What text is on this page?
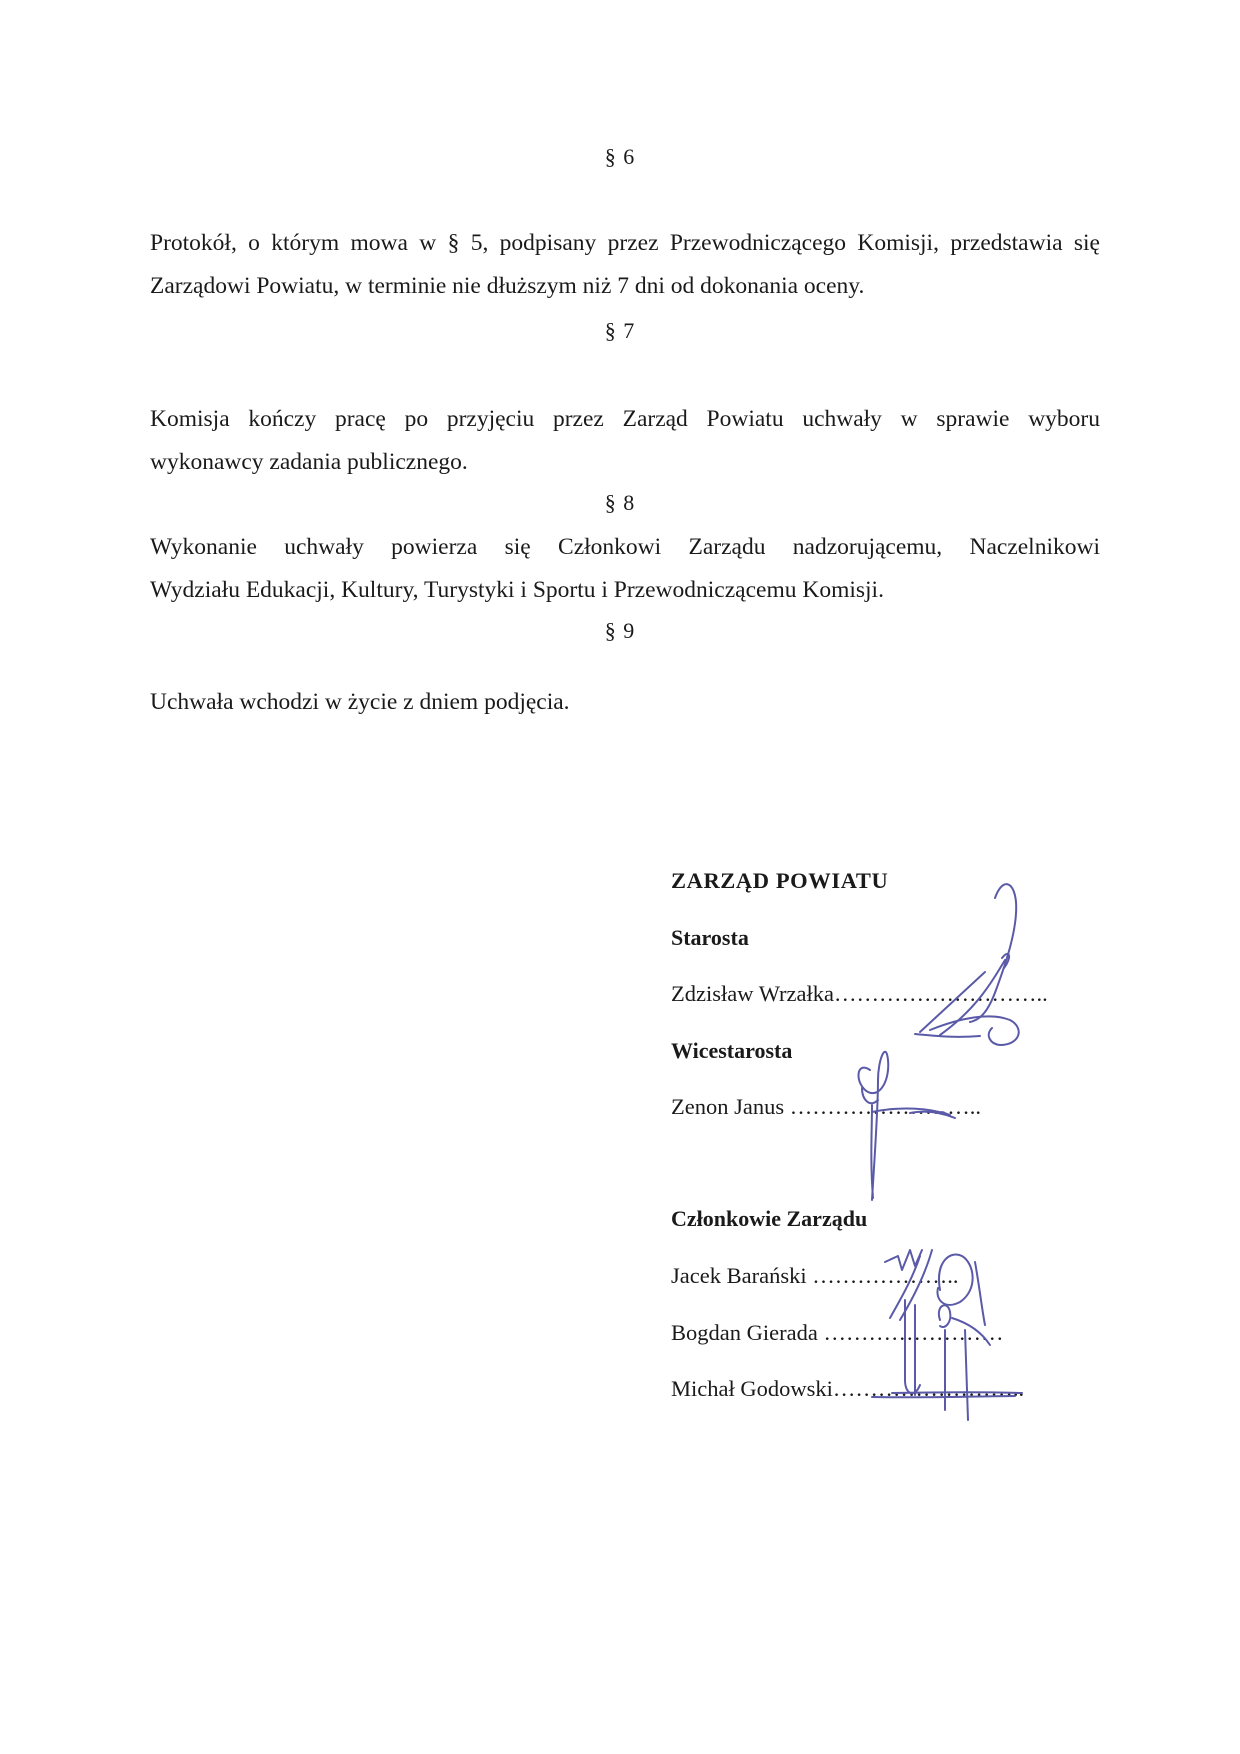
§ 6
Protokół, o którym mowa w § 5, podpisany przez Przewodniczącego Komisji, przedstawia się
Zarządowi Powiatu, w terminie nie dłuższym niż 7 dni od dokonania oceny.
§ 7
Komisja kończy pracę po przyjęciu przez Zarząd Powiatu uchwały w sprawie wyboru
wykonawcy zadania publicznego.
§ 8
Wykonanie uchwały powierza się Członkowi Zarządu nadzorującemu, Naczelnikowi
Wydziału Edukacji, Kultury, Turystyki i Sportu i Przewodniczącemu Komisji.
§ 9
Uchwała wchodzi w życie z dniem podjęcia.
ZARZĄD POWIATU
Starosta
Zdzisław Wrzałka………………………..
Wicestarosta
Zenon Janus ……………………..
Członkowie Zarządu
Jacek Barański ………………..
Bogdan Gierada ……………………
Michał Godowski……………………..
